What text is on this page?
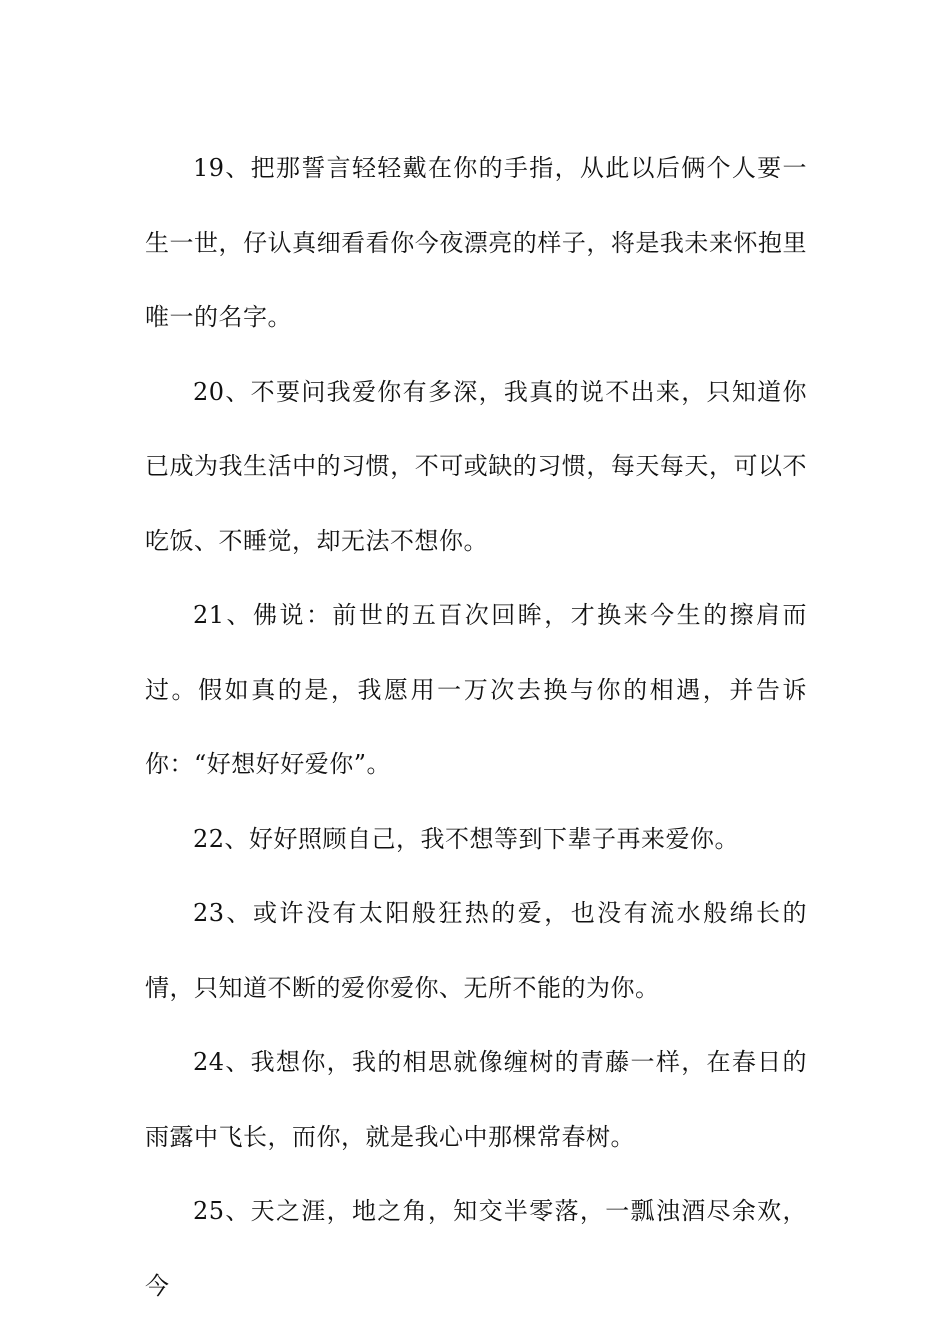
19、把那誓言轻轻戴在你的手指，从此以后俩个人要一生一世，仔认真细看看你今夜漂亮的样子，将是我未来怀抱里唯一的名字。

20、不要问我爱你有多深，我真的说不出来，只知道你已成为我生活中的习惯，不可或缺的习惯，每天每天，可以不吃饭、不睡觉，却无法不想你。

21、佛说：前世的五百次回眸，才换来今生的擦肩而过。假如真的是，我愿用一万次去换与你的相遇，并告诉你：“好想好好爱你”。

22、好好照顾自己，我不想等到下辈子再来爱你。

23、或许没有太阳般狂热的爱，也没有流水般绵长的情，只知道不断的爱你爱你、无所不能的为你。

24、我想你，我的相思就像缠树的青藤一样，在春日的雨露中飞长，而你，就是我心中那棵常春树。

25、天之涯，地之角，知交半零落，一瓢浊酒尽余欢，今
